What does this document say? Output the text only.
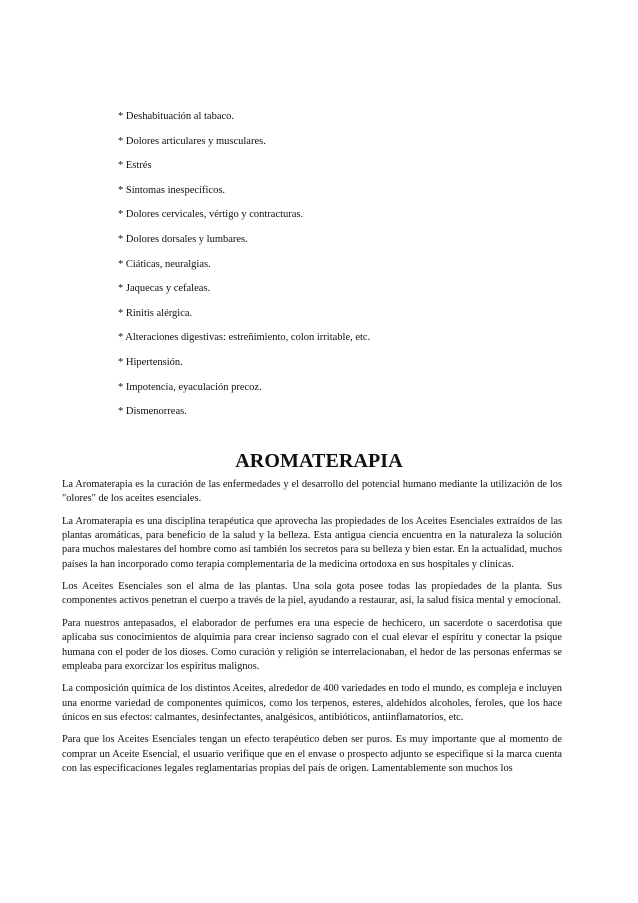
* Deshabituación al tabaco.
* Dolores articulares y musculares.
* Estrés
* Síntomas inespecíficos.
* Dolores cervicales, vértigo y contracturas.
* Dolores dorsales y lumbares.
* Ciáticas, neuralgias.
* Jaquecas y cefaleas.
* Rinitis alérgica.
* Alteraciones digestivas: estreñimiento, colon irritable, etc.
* Hipertensión.
* Impotencia, eyaculación precoz.
* Dismenorreas.
AROMATERAPIA

La Aromaterapia es la curación de las enfermedades y el desarrollo del potencial humano mediante la utilización de los "olores" de los aceites esenciales.

La Aromaterapia es una disciplina terapéutica que aprovecha las propiedades de los Aceites Esenciales extraídos de las plantas aromáticas, para beneficio de la salud y la belleza. Esta antigua ciencia encuentra en la naturaleza la solución para muchos malestares del hombre como así también los secretos para su belleza y bien estar. En la actualidad, muchos países la han incorporado como terapia complementaria de la medicina ortodoxa en sus hospitales y clínicas.

Los Aceites Esenciales son el alma de las plantas. Una sola gota posee todas las propiedades de la planta. Sus componentes activos penetran el cuerpo a través de la piel, ayudando a restaurar, así, la salud física mental y emocional.

Para nuestros antepasados, el elaborador de perfumes era una especie de hechicero, un sacerdote o sacerdotisa que aplicaba sus conocimientos de alquimia para crear incienso sagrado con el cual elevar el espíritu y conectar la psique humana con el poder de los dioses. Como curación y religión se interrelacionaban, el hedor de las personas enfermas se empleaba para exorcizar los espíritus malignos.

La composición química de los distintos Aceites, alrededor de 400 variedades en todo el mundo, es compleja e incluyen una enorme variedad de componentes químicos, como los terpenos, esteres, aldehídos alcoholes, feroles, que los hace únicos en sus efectos: calmantes, desinfectantes, analgésicos, antibióticos, antiinflamatorios, etc.

Para que los Aceites Esenciales tengan un efecto terapéutico deben ser puros. Es muy importante que al momento de comprar un Aceite Esencial, el usuario verifique que en el envase o prospecto adjunto se especifique si la marca cuenta con las especificaciones legales reglamentarias propias del país de origen. Lamentablemente son muchos los
